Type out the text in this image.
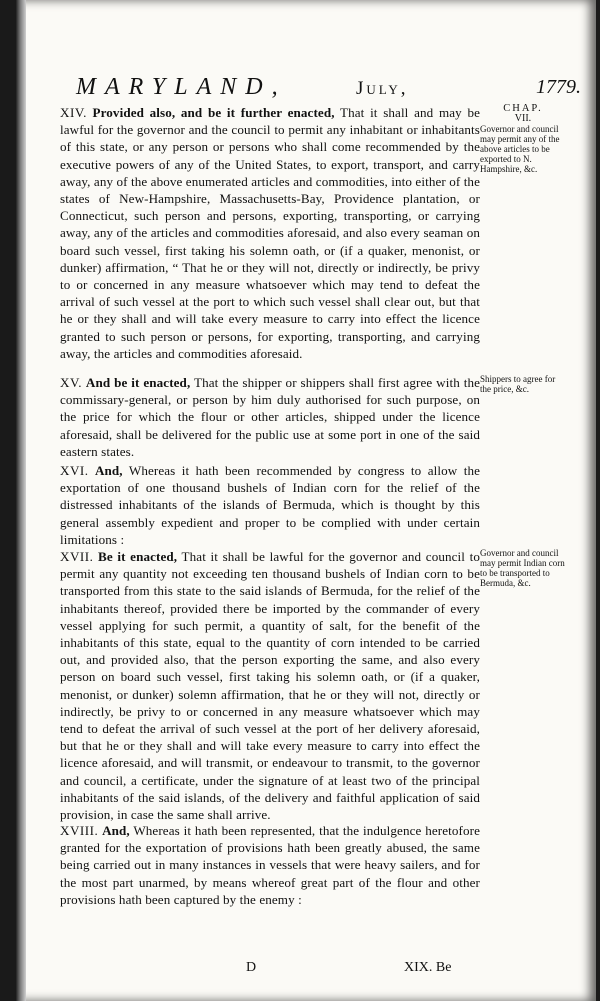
MARYLAND,	July,	1779.
XIV. Provided also, and be it further enacted, That it shall and may be lawful for the governor and the council to permit any inhabitant or inhabitants of this state, or any person or persons who shall come recommended by the executive powers of any of the United States, to export, transport, and carry away, any of the above enumerated articles and commodities, into either of the states of New-Hampshire, Massachusetts-Bay, Providence plantation, or Connecticut, such person and persons, exporting, transporting, or carrying away, any of the articles and commodities aforesaid, and also every seaman on board such vessel, first taking his solemn oath, or (if a quaker, menonist, or dunker) affirmation, “ That he or they will not, directly or indirectly, be privy to or concerned in any measure whatsoever which may tend to defeat the arrival of such vessel at the port to which such vessel shall clear out, but that he or they shall and will take every measure to carry into effect the licence granted to such person or persons, for exporting, transporting, and carrying away, the articles and commodities aforesaid.
CHAP.
VII.
Governor and council may permit any of the above articles to be exported to N. Hampshire, &c.
XV. And be it enacted, That the shipper or shippers shall first agree with the commissary-general, or person by him duly authorised for such purpose, on the price for which the flour or other articles, shipped under the licence aforesaid, shall be delivered for the public use at some port in one of the said eastern states.
Shippers to agree for the price, &c.
XVI. And, Whereas it hath been recommended by congress to allow the exportation of one thousand bushels of Indian corn for the relief of the distressed inhabitants of the islands of Bermuda, which is thought by this general assembly expedient and proper to be complied with under certain limitations :
XVII. Be it enacted, That it shall be lawful for the governor and council to permit any quantity not exceeding ten thousand bushels of Indian corn to be transported from this state to the said islands of Bermuda, for the relief of the inhabitants thereof, provided there be imported by the commander of every vessel applying for such permit, a quantity of salt, for the benefit of the inhabitants of this state, equal to the quantity of corn intended to be carried out, and provided also, that the person exporting the same, and also every person on board such vessel, first taking his solemn oath, or (if a quaker, menonist, or dunker) solemn affirmation, that he or they will not, directly or indirectly, be privy to or concerned in any measure whatsoever which may tend to defeat the arrival of such vessel at the port of her delivery aforesaid, but that he or they shall and will take every measure to carry into effect the licence aforesaid, and will transmit, or endeavour to transmit, to the governor and council, a certificate, under the signature of at least two of the principal inhabitants of the said islands, of the delivery and faithful application of said provision, in case the same shall arrive.
Governor and council may permit Indian corn to be transported to Bermuda, &c.
XVIII. And, Whereas it hath been represented, that the indulgence heretofore granted for the exportation of provisions hath been greatly abused, the same being carried out in many instances in vessels that were heavy sailers, and for the most part unarmed, by means whereof great part of the flour and other provisions hath been captured by the enemy :
D	XIX. Be
